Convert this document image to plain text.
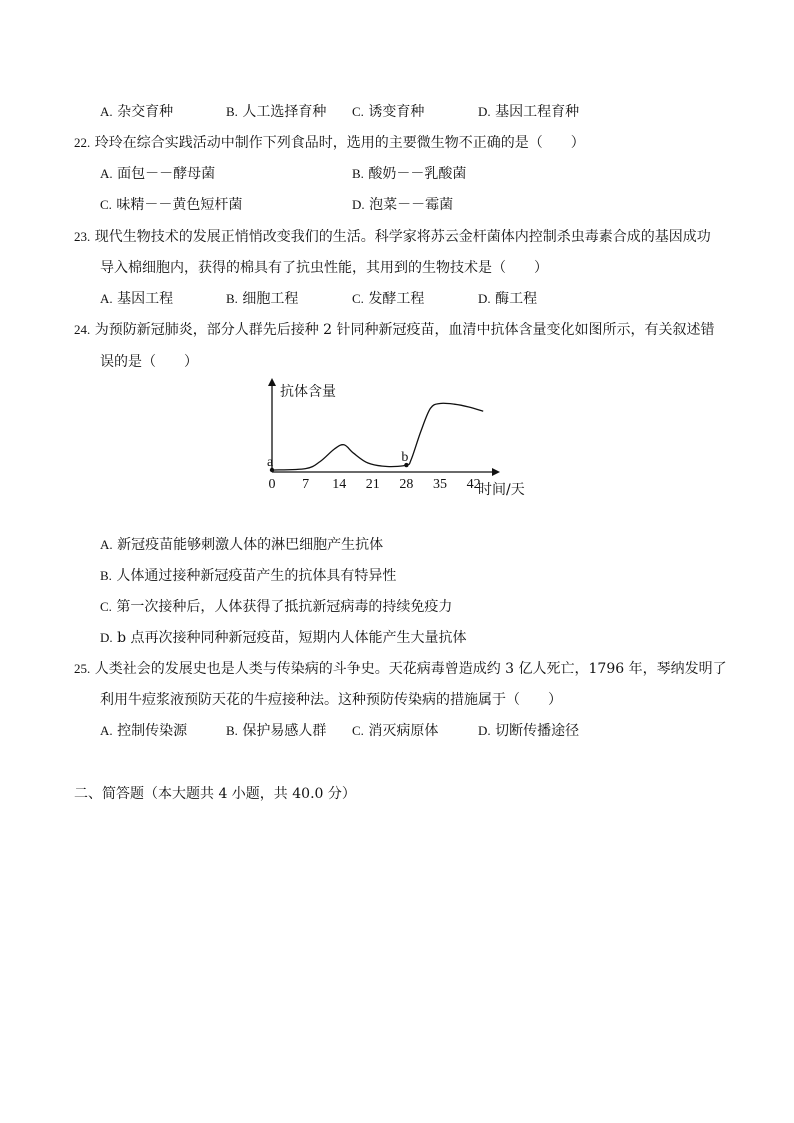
A. 杂交育种	B. 人工选择育种 C. 诱变育种	D. 基因工程育种
22. 玲玲在综合实践活动中制作下列食品时，选用的主要微生物不正确的是（　　）
A. 面包－－酵母菌	B. 酸奶－－乳酸菌
C. 味精－－黄色短杆菌	D. 泡菜－－霉菌
23. 现代生物技术的发展正悄悄改变我们的生活。科学家将苏云金杆菌体内控制杀虫毒素合成的基因成功
导入棉细胞内，获得的棉具有了抗虫性能，其用到的生物技术是（　　）
A. 基因工程	B. 细胞工程	C. 发酵工程	D. 酶工程
24. 为预防新冠肺炎，部分人群先后接种 2 针同种新冠疫苗，血清中抗体含量变化如图所示，有关叙述错
误的是（　　）
抗体含量
时间/天
0 7 14 21 28 35 42
a	b
A. 新冠疫苗能够刺激人体的淋巴细胞产生抗体
B. 人体通过接种新冠疫苗产生的抗体具有特异性
C. 第一次接种后，人体获得了抵抗新冠病毒的持续免疫力
D. b 点再次接种同种新冠疫苗，短期内人体能产生大量抗体
25. 人类社会的发展史也是人类与传染病的斗争史。天花病毒曾造成约 3 亿人死亡，1796 年，琴纳发明了
利用牛痘浆液预防天花的牛痘接种法。这种预防传染病的措施属于（　　）
A. 控制传染源	B. 保护易感人群 C. 消灭病原体	D. 切断传播途径
二、简答题（本大题共 4 小题，共 40.0 分）
